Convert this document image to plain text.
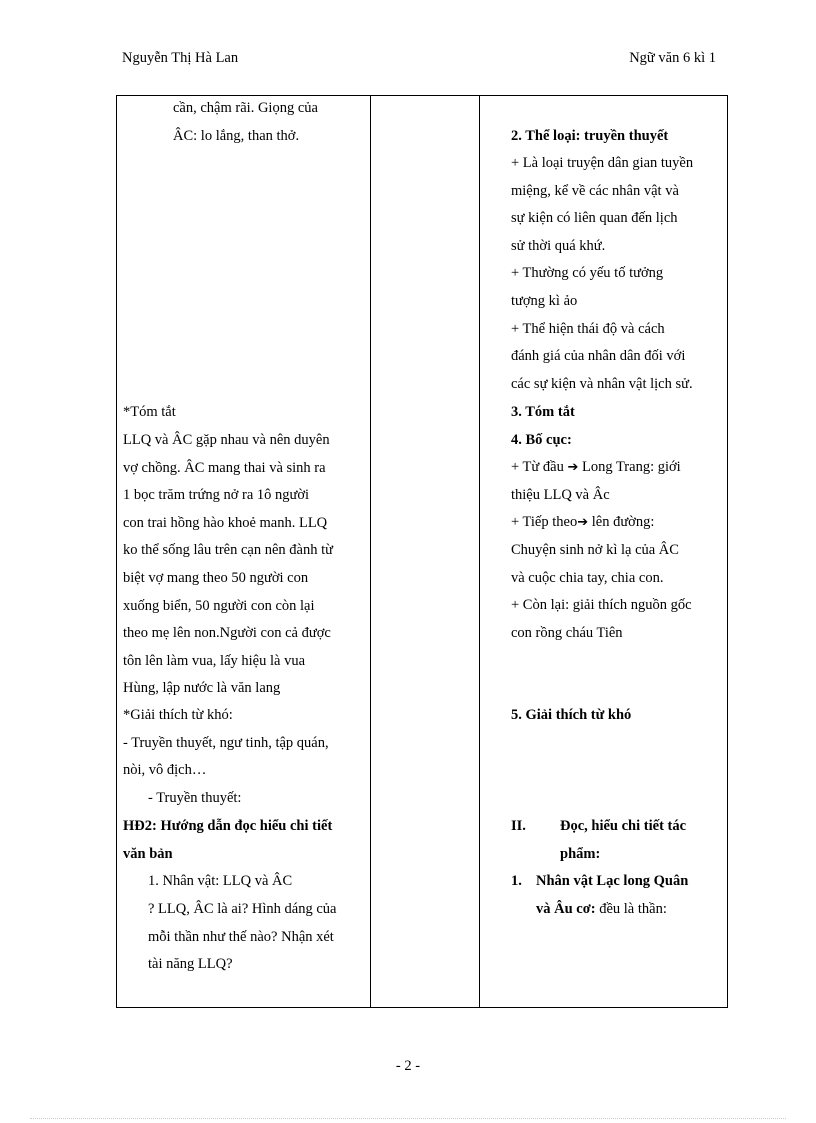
Nguyễn Thị Hà Lan	Ngữ văn 6 kì 1
cần, chậm rãi. Giọng của
ÂC: lo lắng, than thở.
*Tóm tắt
LLQ và ÂC gặp nhau và nên duyên
vợ chồng. ÂC mang thai và sinh ra
1 bọc trăm trứng nở ra 1ô người
con trai hồng hào khoẻ manh. LLQ
ko thể sống lâu trên cạn nên đành từ
biệt vợ mang theo 50 người con
xuống biển, 50 người con còn lại
theo mẹ lên non.Người con cả được
tôn lên làm vua, lấy hiệu là vua
Hùng, lập nước là văn lang
*Giải thích từ khó:
- Truyền thuyết, ngư tinh, tập quán,
nòi, vô địch…
- Truyền thuyết:
HĐ2: Hướng dẫn đọc hiểu chi tiết
văn bản
1. Nhân vật: LLQ và ÂC
? LLQ, ÂC là ai? Hình dáng của
mỗi thần như thế nào? Nhận xét
tài năng LLQ?
2. Thể loại: truyền thuyết
+ Là loại truyện dân gian tuyền
miệng, kể về các nhân vật và
sự kiện có liên quan đến lịch
sử thời quá khứ.
+ Thường có yếu tố tưởng
tượng kì ảo
+ Thể hiện thái độ và cách
đánh giá của nhân dân đối với
các sự kiện và nhân vật lịch sử.
3. Tóm tắt
4. Bố cục:
+ Từ đầu ➔ Long Trang: giới
thiệu LLQ và Âc
+ Tiếp theo➔ lên đường:
Chuyện sinh nở kì lạ của ÂC
và cuộc chia tay, chia con.
+ Còn lại: giải thích nguồn gốc
con rồng cháu Tiên
5. Giải thích từ khó
II. Đọc, hiểu chi tiết tác
phẩm:
1. Nhân vật Lạc long Quân
và Âu cơ: đều là thần:
- 2 -
